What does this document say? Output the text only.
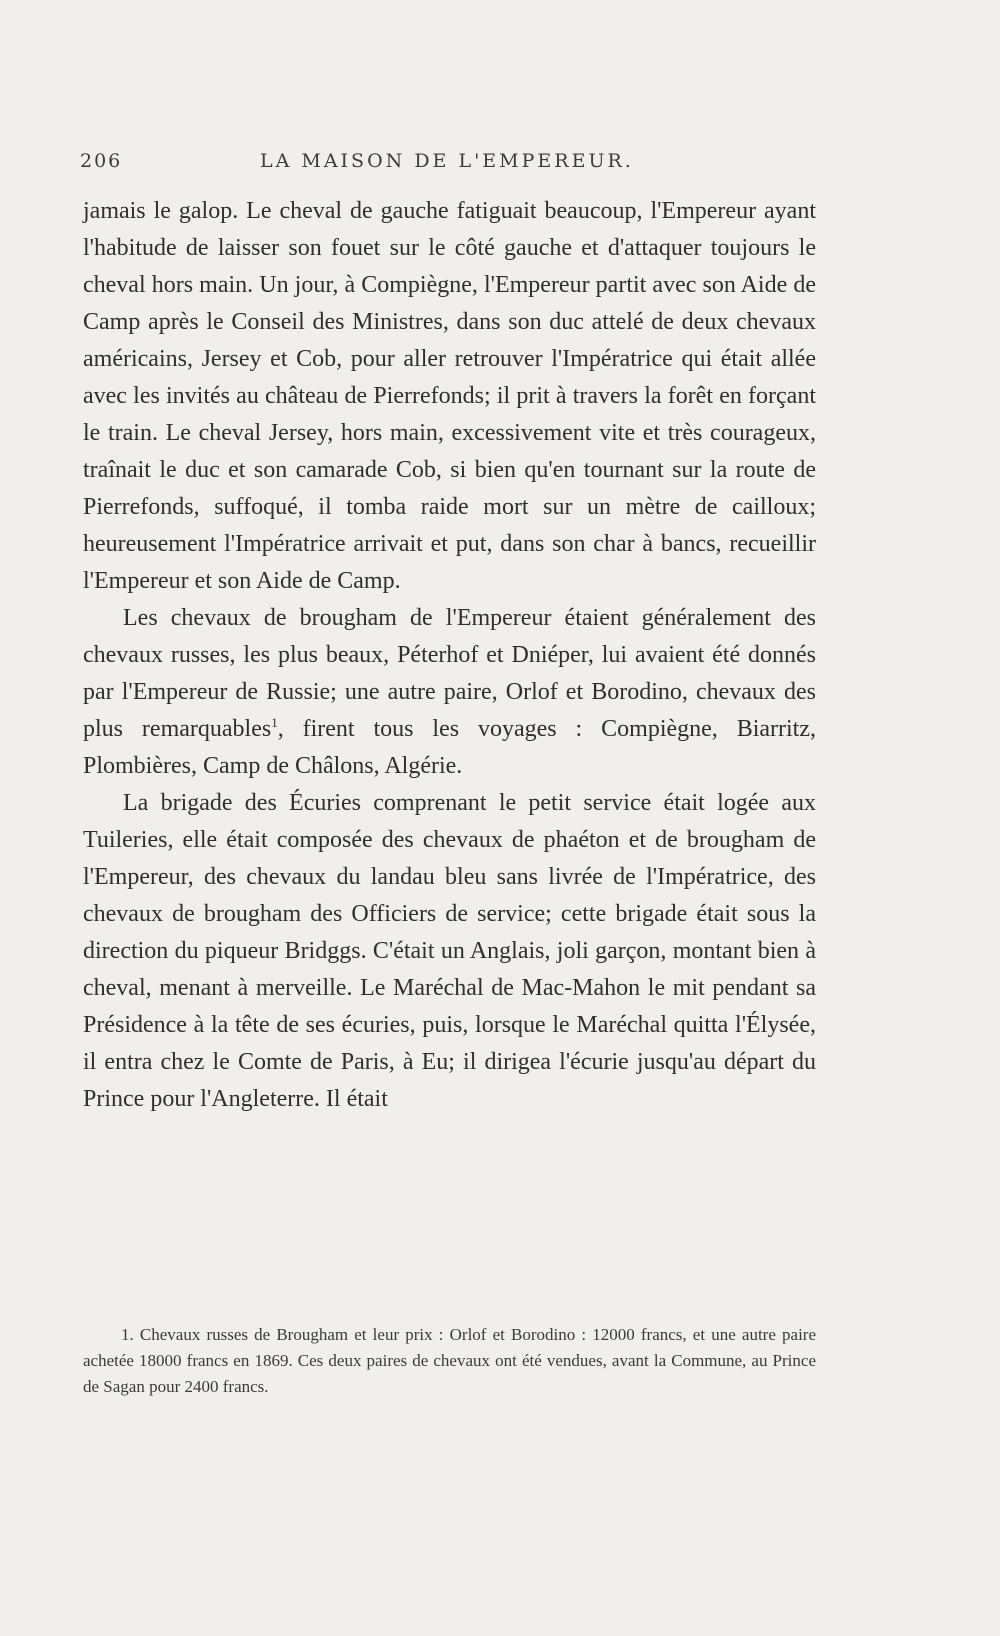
206	LA MAISON DE L'EMPEREUR.

jamais le galop. Le cheval de gauche fatiguait beaucoup, l'Empereur ayant l'habitude de laisser son fouet sur le côté gauche et d'attaquer toujours le cheval hors main. Un jour, à Compiègne, l'Empereur partit avec son Aide de Camp après le Conseil des Ministres, dans son duc attelé de deux chevaux américains, Jersey et Cob, pour aller retrouver l'Impératrice qui était allée avec les invités au château de Pierrefonds; il prit à travers la forêt en forçant le train. Le cheval Jersey, hors main, excessivement vite et très courageux, traînait le duc et son camarade Cob, si bien qu'en tournant sur la route de Pierrefonds, suffoqué, il tomba raide mort sur un mètre de cailloux; heureusement l'Impératrice arrivait et put, dans son char à bancs, recueillir l'Empereur et son Aide de Camp.

Les chevaux de brougham de l'Empereur étaient généralement des chevaux russes, les plus beaux, Péterhof et Dniéper, lui avaient été donnés par l'Empereur de Russie; une autre paire, Orlof et Borodino, chevaux des plus remarquables$^1$, firent tous les voyages : Compiègne, Biarritz, Plombières, Camp de Châlons, Algérie.

La brigade des Écuries comprenant le petit service était logée aux Tuileries, elle était composée des chevaux de phaéton et de brougham de l'Empereur, des chevaux du landau bleu sans livrée de l'Impératrice, des chevaux de brougham des Officiers de service; cette brigade était sous la direction du piqueur Bridggs. C'était un Anglais, joli garçon, montant bien à cheval, menant à merveille. Le Maréchal de Mac-Mahon le mit pendant sa Présidence à la tête de ses écuries, puis, lorsque le Maréchal quitta l'Élysée, il entra chez le Comte de Paris, à Eu; il dirigea l'écurie jusqu'au départ du Prince pour l'Angleterre. Il était

1. Chevaux russes de Brougham et leur prix : Orlof et Borodino : 12000 francs, et une autre paire achetée 18000 francs en 1869. Ces deux paires de chevaux ont été vendues, avant la Commune, au Prince de Sagan pour 2400 francs.
